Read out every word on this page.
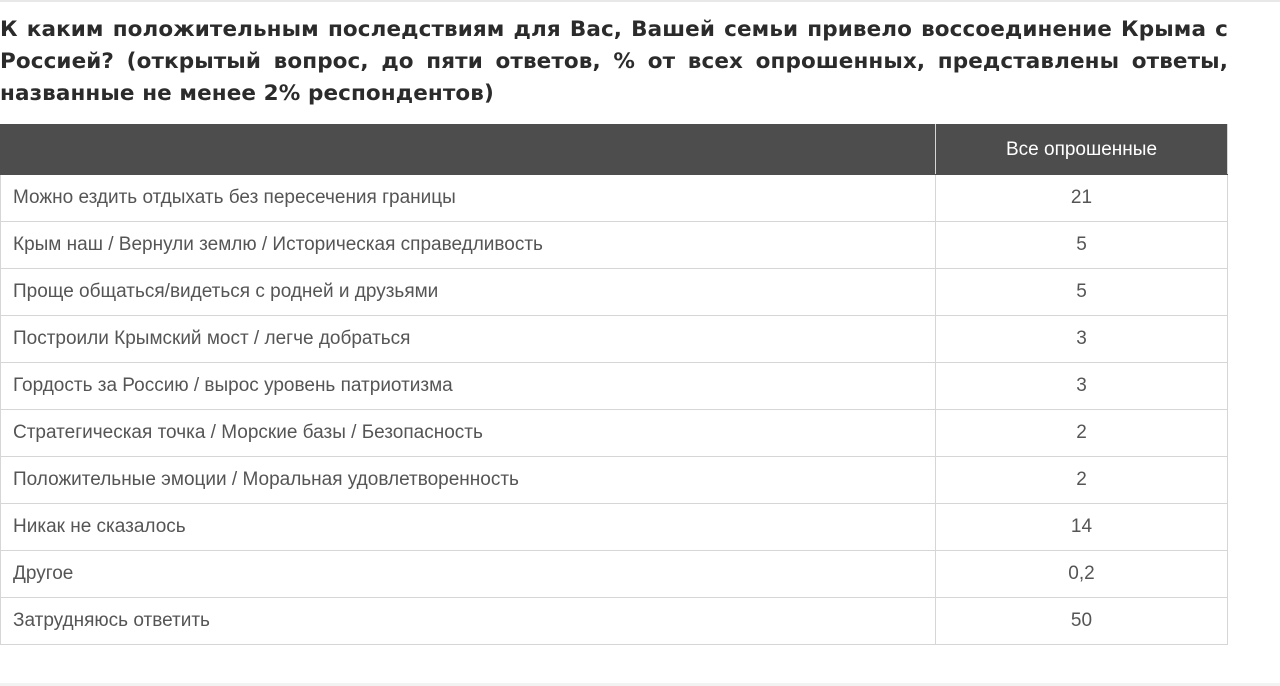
К каким положительным последствиям для Вас, Вашей семьи привело воссоединение Крыма с Россией? (открытый вопрос, до пяти ответов, % от всех опрошенных, представлены ответы, названные не менее 2% респондентов)

	Все опрошенные
Можно ездить отдыхать без пересечения границы	21
Крым наш / Вернули землю / Историческая справедливость	5
Проще общаться/видеться с родней и друзьями	5
Построили Крымский мост / легче добраться	3
Гордость за Россию / вырос уровень патриотизма	3
Стратегическая точка / Морские базы / Безопасность	2
Положительные эмоции / Моральная удовлетворенность	2
Никак не сказалось	14
Другое	0,2
Затрудняюсь ответить	50
